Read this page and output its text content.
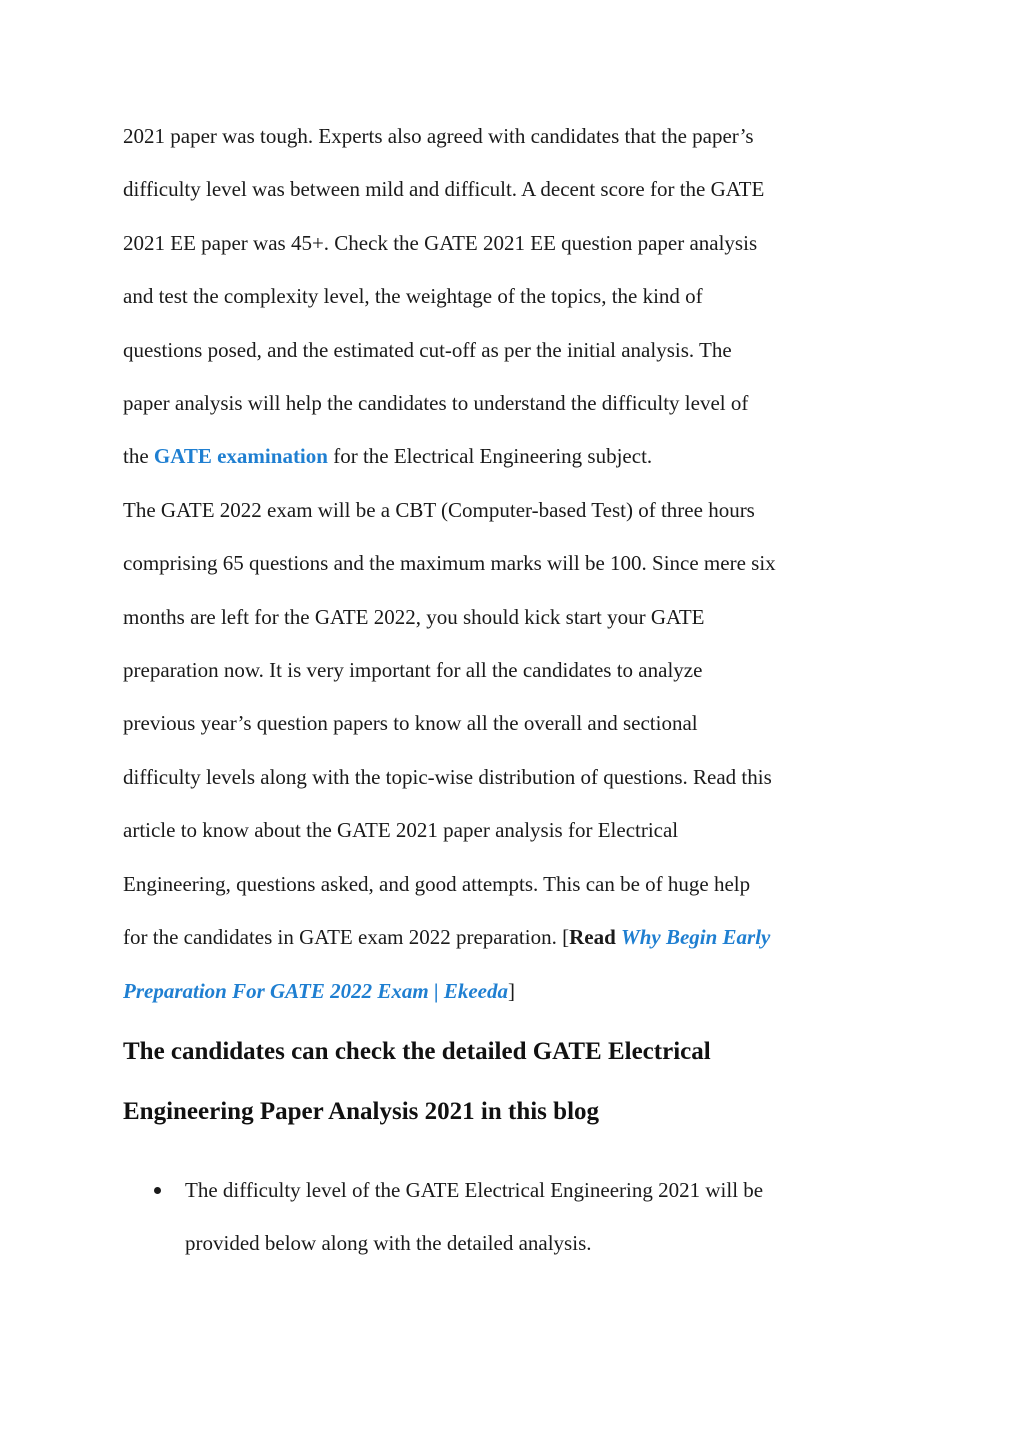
2021 paper was tough. Experts also agreed with candidates that the paper’s
difficulty level was between mild and difficult. A decent score for the GATE
2021 EE paper was 45+. Check the GATE 2021 EE question paper analysis
and test the complexity level, the weightage of the topics, the kind of
questions posed, and the estimated cut-off as per the initial analysis. The
paper analysis will help the candidates to understand the difficulty level of
the GATE examination for the Electrical Engineering subject.

The GATE 2022 exam will be a CBT (Computer-based Test) of three hours
comprising 65 questions and the maximum marks will be 100. Since mere six
months are left for the GATE 2022, you should kick start your GATE
preparation now. It is very important for all the candidates to analyze
previous year’s question papers to know all the overall and sectional
difficulty levels along with the topic-wise distribution of questions. Read this
article to know about the GATE 2021 paper analysis for Electrical
Engineering, questions asked, and good attempts. This can be of huge help
for the candidates in GATE exam 2022 preparation. [Read Why Begin Early
Preparation For GATE 2022 Exam | Ekeeda]

The candidates can check the detailed GATE Electrical
Engineering Paper Analysis 2021 in this blog
The difficulty level of the GATE Electrical Engineering 2021 will be
provided below along with the detailed analysis.
